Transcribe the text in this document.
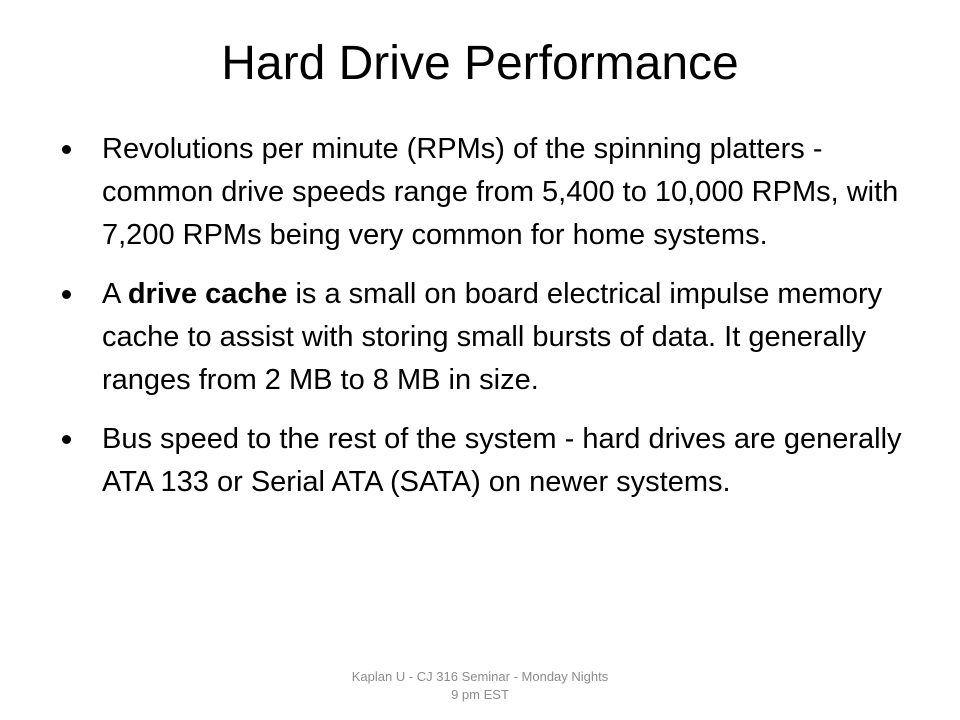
Hard Drive Performance
Revolutions per minute (RPMs) of the spinning platters - common drive speeds range from 5,400 to 10,000 RPMs, with 7,200 RPMs being very common for home systems.
A drive cache is a small on board electrical impulse memory cache to assist with storing small bursts of data. It generally ranges from 2 MB to 8 MB in size.
Bus speed to the rest of the system - hard drives are generally ATA 133 or Serial ATA (SATA) on newer systems.
Kaplan U - CJ 316 Seminar - Monday Nights
9 pm EST
